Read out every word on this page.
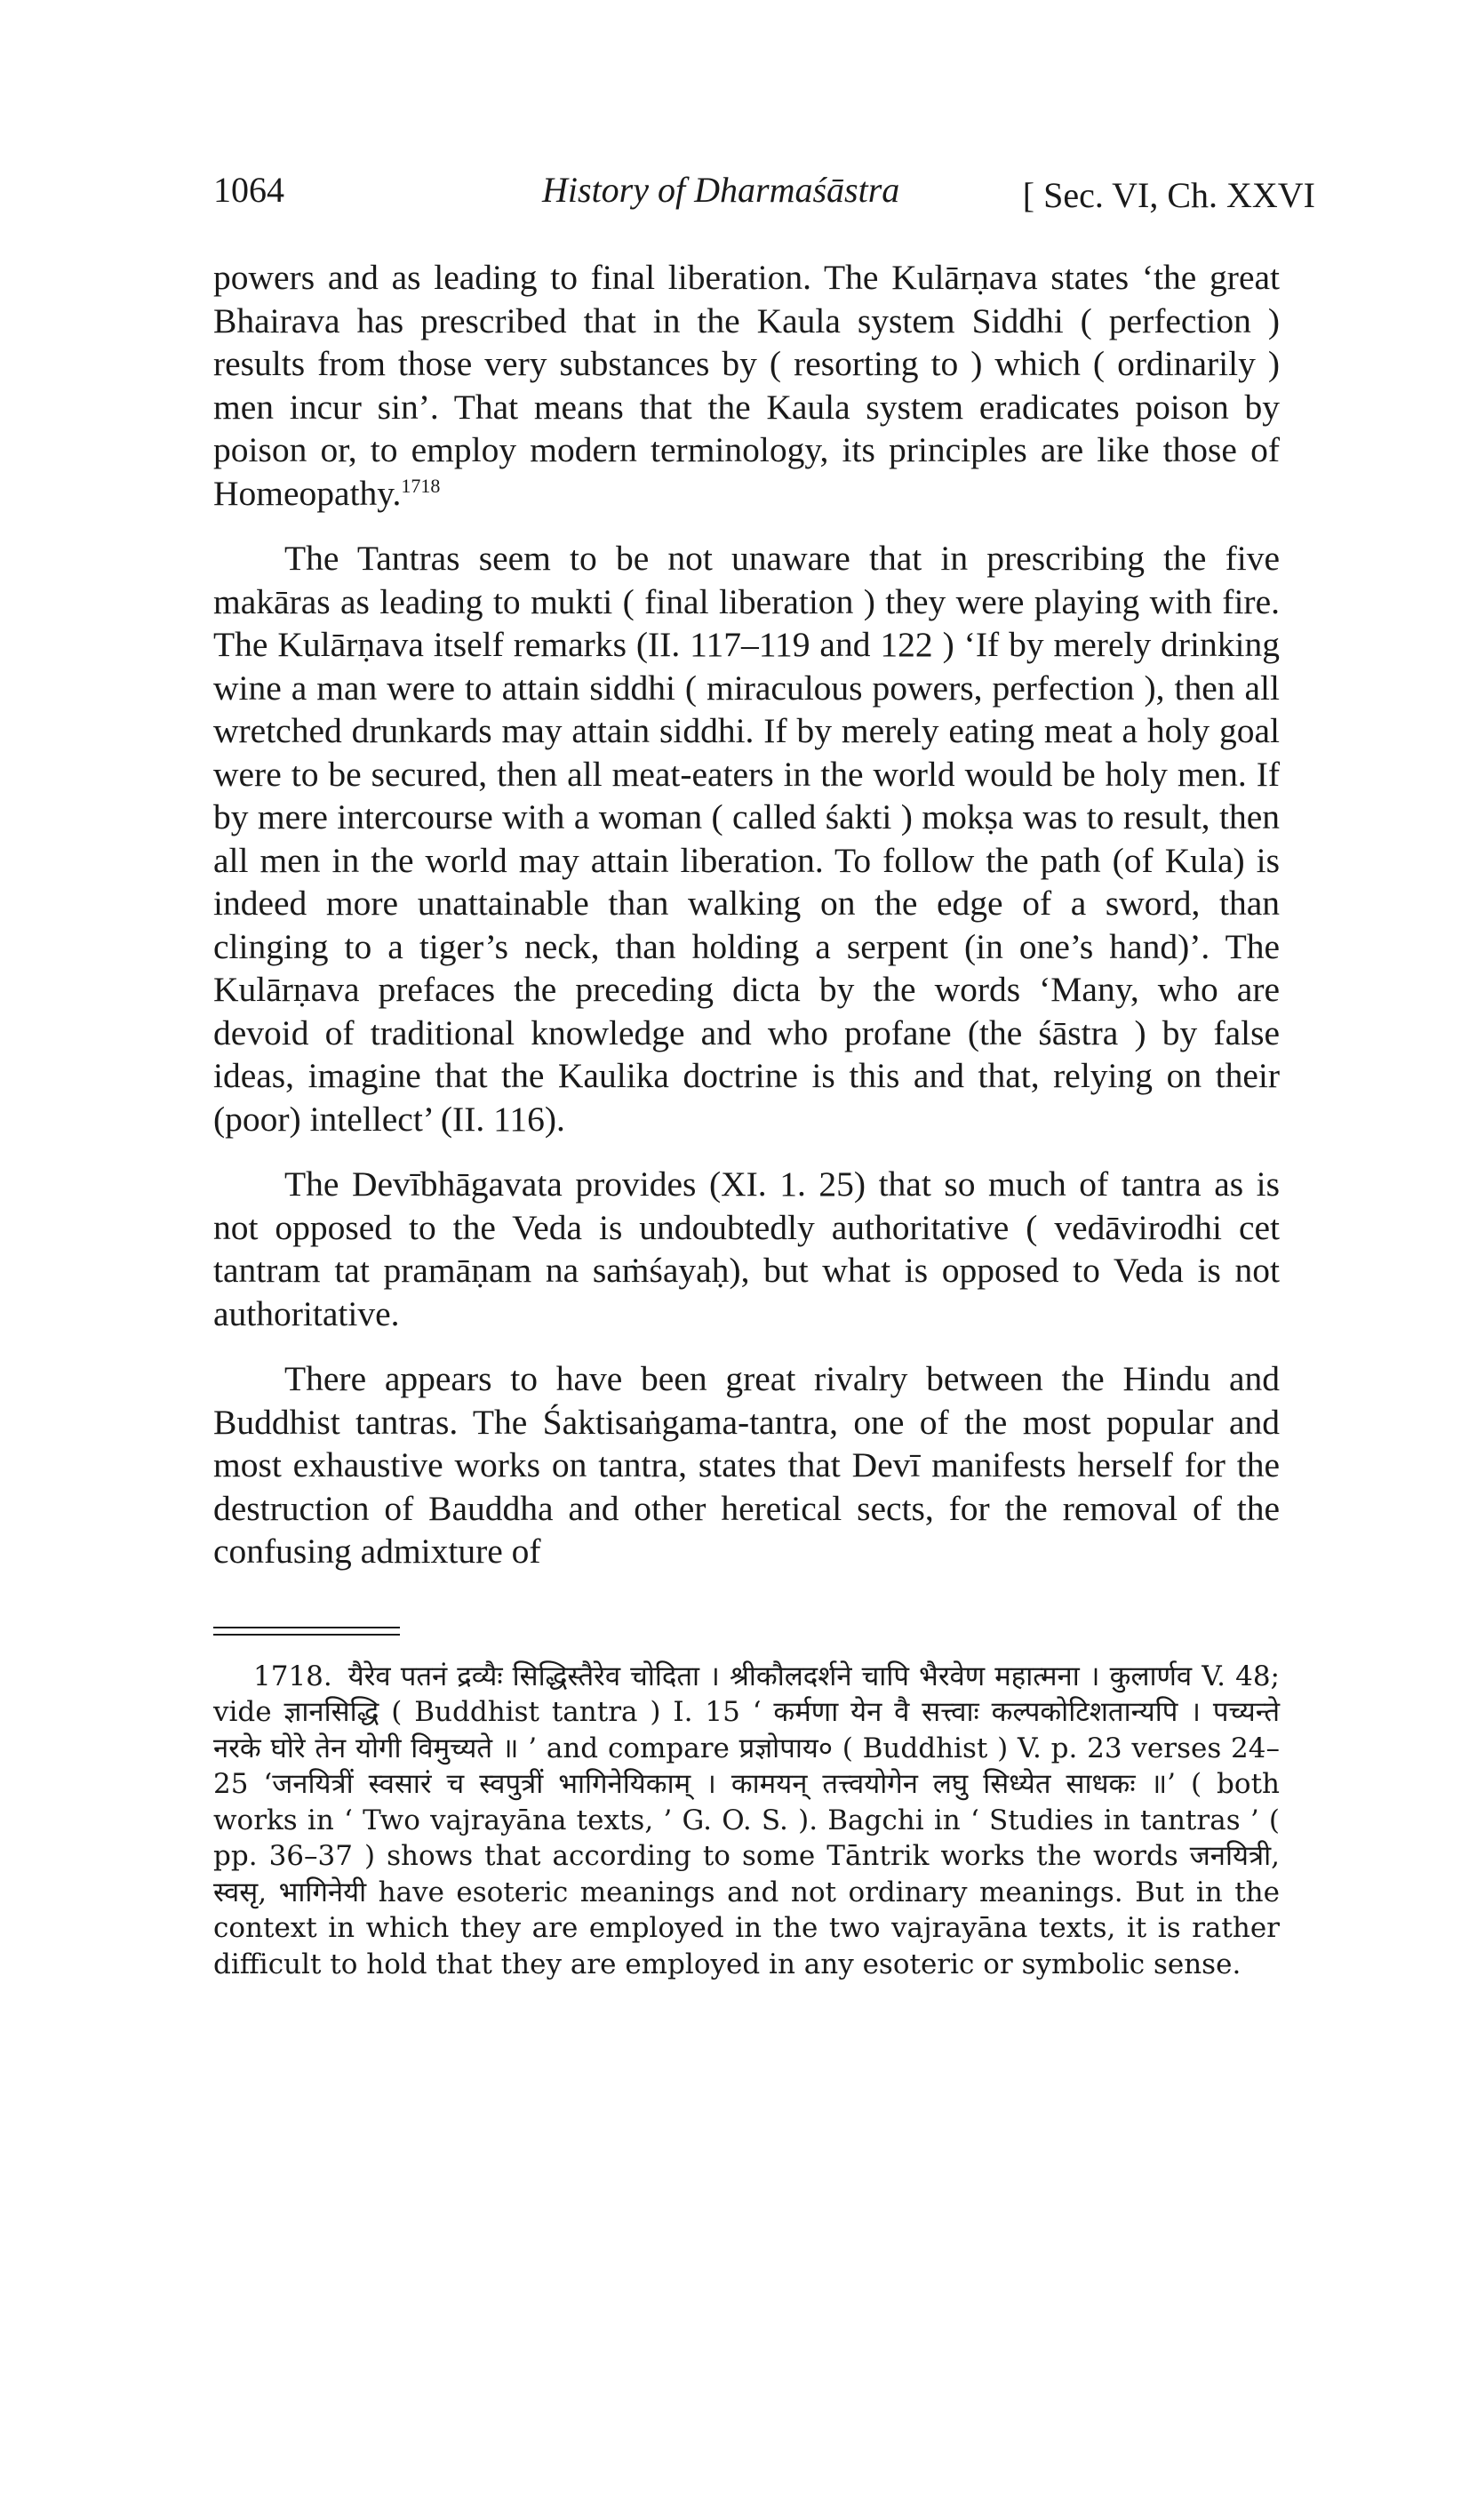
1064	History of Dharmaśāstra	[ Sec. VI, Ch. XXVI

powers and as leading to final liberation. The Kulārṇava states ‘the great Bhairava has prescribed that in the Kaula system Siddhi ( perfection ) results from those very substances by ( resorting to ) which ( ordinarily ) men incur sin’. That means that the Kaula system eradicates poison by poison or, to employ modern terminology, its principles are like those of Homeopathy.$^{1718}$

The Tantras seem to be not unaware that in prescribing the five makāras as leading to mukti ( final liberation ) they were playing with fire. The Kulārṇava itself remarks (II. 117–119 and 122 ) ‘If by merely drinking wine a man were to attain siddhi ( miraculous powers, perfection ), then all wretched drunkards may attain siddhi. If by merely eating meat a holy goal were to be secured, then all meat-eaters in the world would be holy men. If by mere intercourse with a woman ( called śakti ) mokṣa was to result, then all men in the world may attain liberation. To follow the path (of Kula) is indeed more unattainable than walking on the edge of a sword, than clinging to a tiger’s neck, than holding a serpent (in one’s hand)’. The Kulārṇava prefaces the preceding dicta by the words ‘Many, who are devoid of traditional knowledge and who profane (the śāstra ) by false ideas, imagine that the Kaulika doctrine is this and that, relying on their (poor) intellect’ (II. 116).

The Devībhāgavata provides (XI. 1. 25) that so much of tantra as is not opposed to the Veda is undoubtedly authoritative ( vedāvirodhi cet tantram tat pramāṇam na saṁśayaḥ), but what is opposed to Veda is not authoritative.

There appears to have been great rivalry between the Hindu and Buddhist tantras. The Śaktisaṅgama-tantra, one of the most popular and most exhaustive works on tantra, states that Devī manifests herself for the destruction of Bauddha and other heretical sects, for the removal of the confusing admixture of

1718. यैरेव पतनं द्रव्यैः सिद्धिस्तैरेव चोदिता । श्रीकौलदर्शने चापि भैरवेण महात्मना । कुलार्णव V. 48; vide ज्ञानसिद्धि ( Buddhist tantra ) I. 15 ‘ कर्मणा येन वै सत्त्वाः कल्पकोटिशतान्यपि । पच्यन्ते नरके घोरे तेन योगी विमुच्यते ॥ ’ and compare प्रज्ञोपाय० ( Buddhist ) V. p. 23 verses 24–25 ‘जनयित्रीं स्वसारं च स्वपुत्रीं भागिनेयिकाम् । कामयन् तत्त्वयोगेन लघु सिध्येत साधकः ॥’ ( both works in ‘ Two vajrayāna texts, ’ G. O. S. ). Bagchi in ‘ Studies in tantras ’ ( pp. 36–37 ) shows that according to some Tāntrik works the words जनयित्री, स्वसृ, भागिनेयी have esoteric meanings and not ordinary meanings. But in the context in which they are employed in the two vajrayāna texts, it is rather difficult to hold that they are employed in any esoteric or symbolic sense.
